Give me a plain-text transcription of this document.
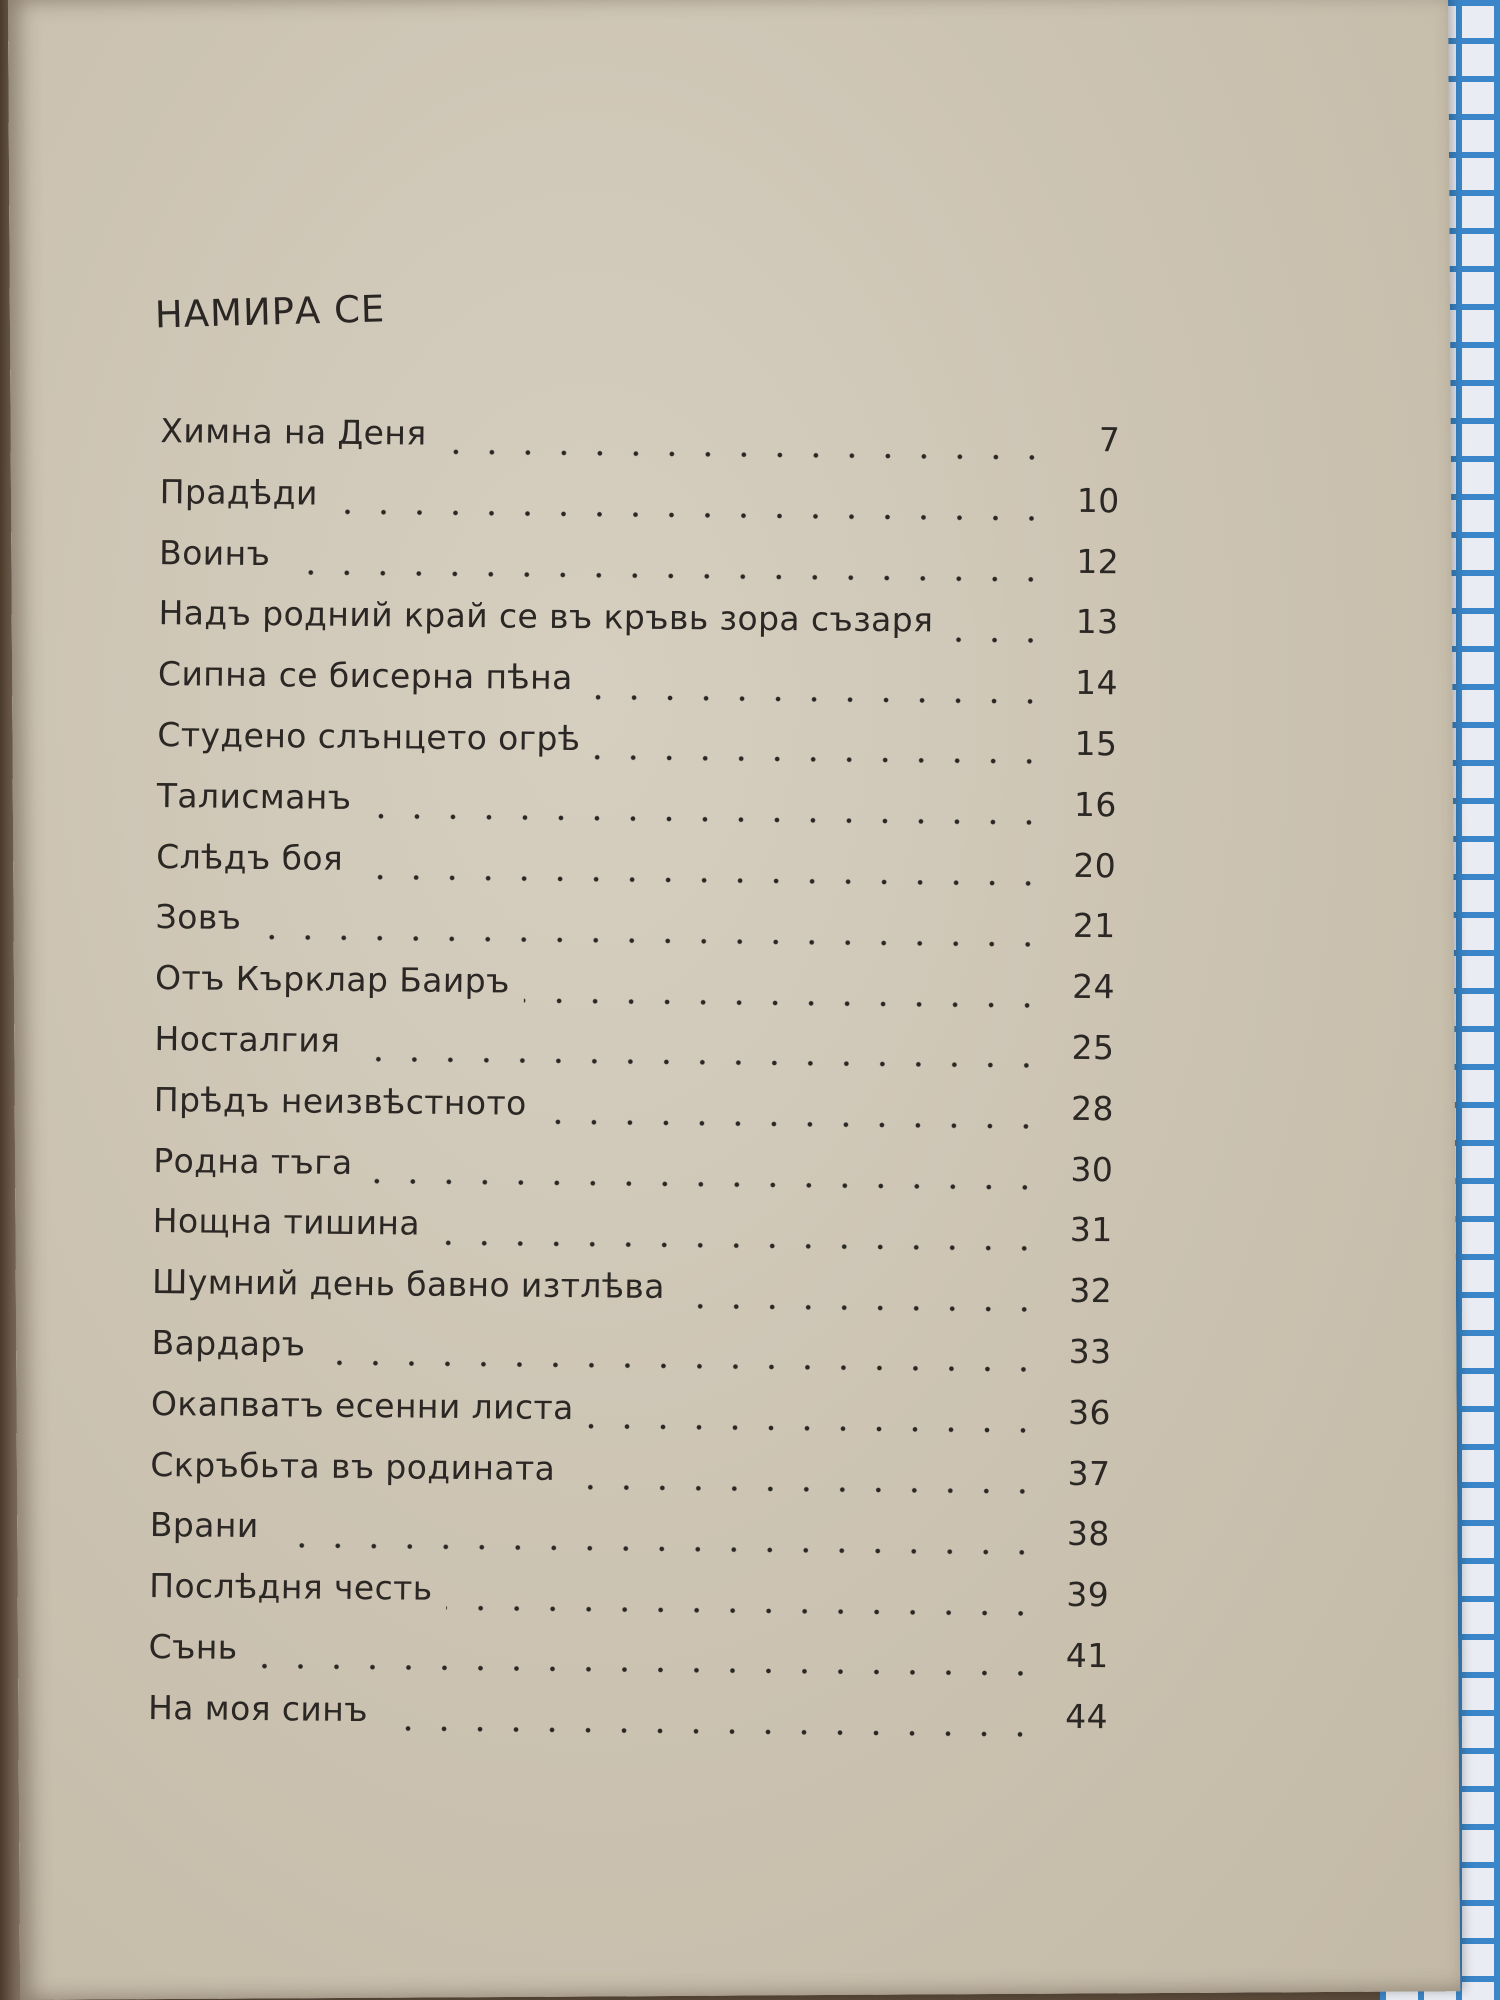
НАМИРА СЕ
Химна на Деня	7
Прадѣди	10
Воинъ	12
Надъ родний край се въ кръвь зора съзаря	13
Сипна се бисерна пѣна	14
Студено слънцето огрѣ	15
Талисманъ	16
Слѣдъ боя	20
Зовъ	21
Отъ Кърклар Баиръ	24
Носталгия	25
Прѣдъ неизвѣстното	28
Родна тъга	30
Нощна тишина	31
Шумний день бавно изтлѣва	32
Вардаръ	33
Окапватъ есенни листа	36
Скръбьта въ родината	37
Врани	38
Послѣдня честь	39
Сънь	41
На моя синъ	44
